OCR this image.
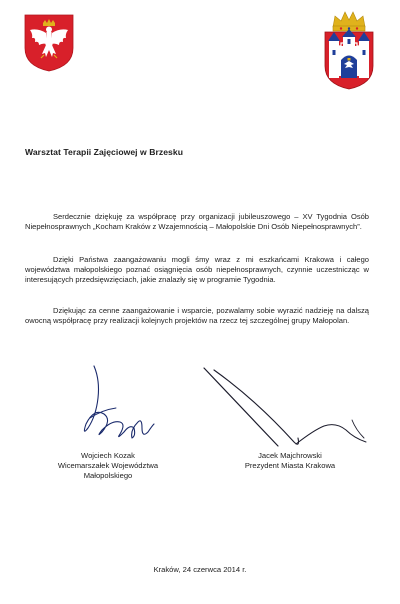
Warsztat Terapii Zajęciowej w Brzesku

Serdecznie dziękuję za współpracę przy organizacji jubileuszowego – XV Tygodnia Osób Niepełnosprawnych „Kocham Kraków z Wzajemnością – Małopolskie Dni Osób Niepełnosprawnych”.

Dzięki Państwa zaangażowaniu mogli śmy wraz z mi eszkańcami Krakowa i całego województwa małopolskiego poznać osiągnięcia osób niepełnosprawnych, czynnie uczestnicząc w interesujących przedsięwzięciach, jakie znalazły się w programie Tygodnia.

Dziękując za cenne zaangażowanie i wsparcie, pozwalamy sobie wyrazić nadzieję na dalszą owocną współpracę przy realizacji kolejnych projektów na rzecz tej szczególnej grupy Małopolan.

Wojciech Kozak
Wicemarszałek Województwa
Małopolskiego
Jacek Majchrowski
Prezydent Miasta Krakowa
Kraków, 24 czerwca 2014 r.
